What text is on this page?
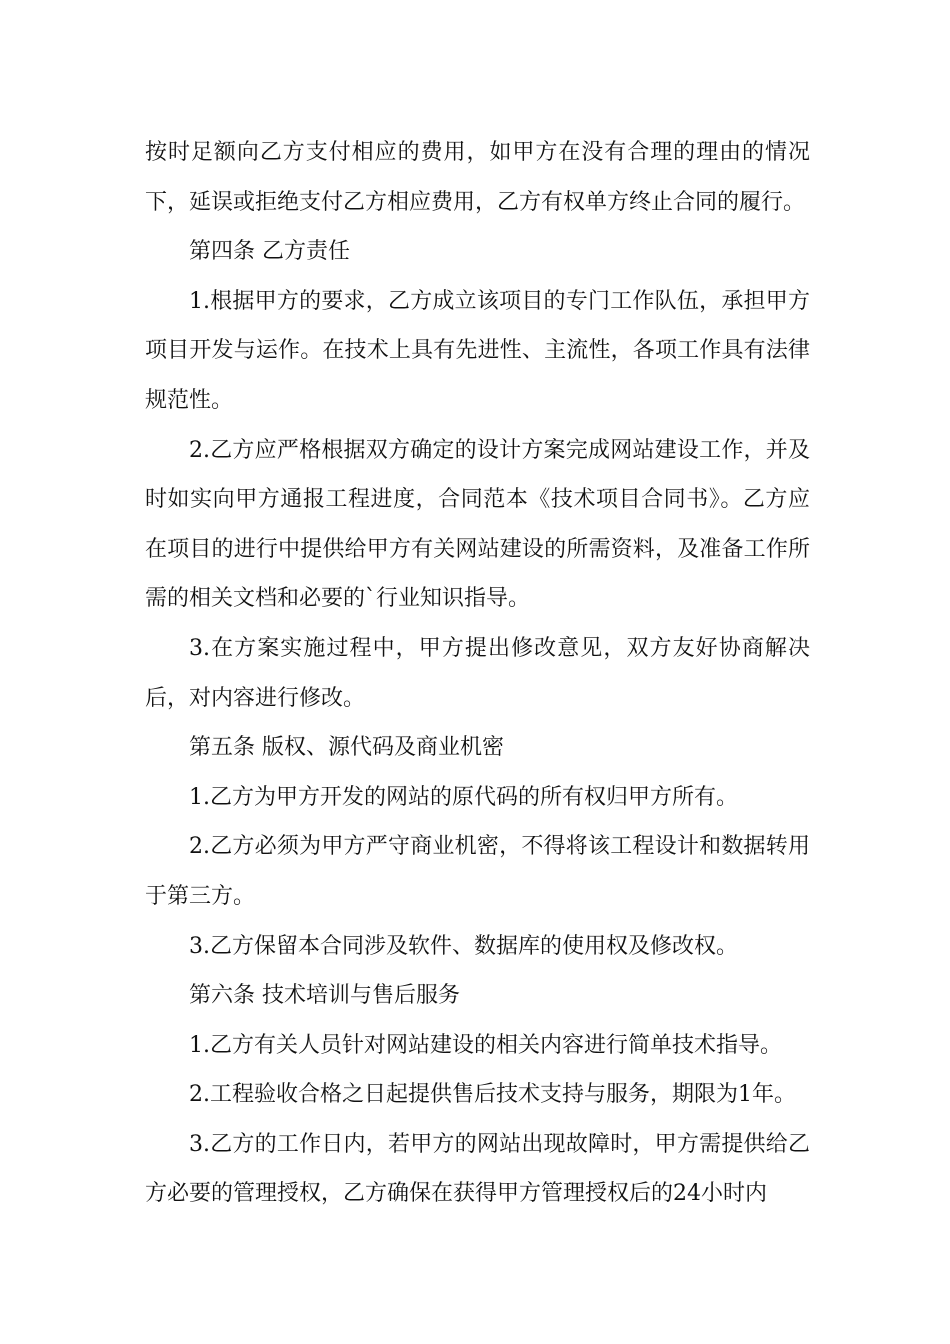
按时足额向乙方支付相应的费用，如甲方在没有合理的理由的情况下，延误或拒绝支付乙方相应费用，乙方有权单方终止合同的履行。

第四条 乙方责任

1.根据甲方的要求，乙方成立该项目的专门工作队伍，承担甲方项目开发与运作。在技术上具有先进性、主流性，各项工作具有法律规范性。

2.乙方应严格根据双方确定的设计方案完成网站建设工作，并及时如实向甲方通报工程进度，合同范本《技术项目合同书》。乙方应在项目的进行中提供给甲方有关网站建设的所需资料，及准备工作所需的相关文档和必要的`行业知识指导。

3.在方案实施过程中，甲方提出修改意见，双方友好协商解决后，对内容进行修改。

第五条 版权、源代码及商业机密

1.乙方为甲方开发的网站的原代码的所有权归甲方所有。

2.乙方必须为甲方严守商业机密，不得将该工程设计和数据转用于第三方。

3.乙方保留本合同涉及软件、数据库的使用权及修改权。

第六条 技术培训与售后服务

1.乙方有关人员针对网站建设的相关内容进行简单技术指导。

2.工程验收合格之日起提供售后技术支持与服务，期限为1年。

3.乙方的工作日内，若甲方的网站出现故障时，甲方需提供给乙方必要的管理授权，乙方确保在获得甲方管理授权后的24小时内
